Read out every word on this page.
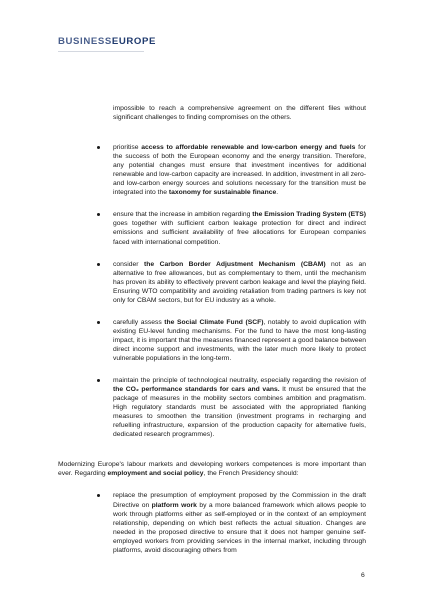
BUSINESSEUROPE

impossible to reach a comprehensive agreement on the different files without significant challenges to finding compromises on the others.

prioritise access to affordable renewable and low-carbon energy and fuels for the success of both the European economy and the energy transition. Therefore, any potential changes must ensure that investment incentives for additional renewable and low-carbon capacity are increased. In addition, investment in all zero- and low-carbon energy sources and solutions necessary for the transition must be integrated into the taxonomy for sustainable finance.
ensure that the increase in ambition regarding the Emission Trading System (ETS) goes together with sufficient carbon leakage protection for direct and indirect emissions and sufficient availability of free allocations for European companies faced with international competition.
consider the Carbon Border Adjustment Mechanism (CBAM) not as an alternative to free allowances, but as complementary to them, until the mechanism has proven its ability to effectively prevent carbon leakage and level the playing field. Ensuring WTO compatibility and avoiding retaliation from trading partners is key not only for CBAM sectors, but for EU industry as a whole.
carefully assess the Social Climate Fund (SCF), notably to avoid duplication with existing EU-level funding mechanisms. For the fund to have the most long-lasting impact, it is important that the measures financed represent a good balance between direct income support and investments, with the later much more likely to protect vulnerable populations in the long-term.
maintain the principle of technological neutrality, especially regarding the revision of the CO₂ performance standards for cars and vans. It must be ensured that the package of measures in the mobility sectors combines ambition and pragmatism. High regulatory standards must be associated with the appropriated flanking measures to smoothen the transition (investment programs in recharging and refuelling infrastructure, expansion of the production capacity for alternative fuels, dedicated research programmes).

Modernizing Europe's labour markets and developing workers competences is more important than ever. Regarding employment and social policy, the French Presidency should:

replace the presumption of employment proposed by the Commission in the draft Directive on platform work by a more balanced framework which allows people to work through platforms either as self-employed or in the context of an employment relationship, depending on which best reflects the actual situation. Changes are needed in the proposed directive to ensure that it does not hamper genuine self-employed workers from providing services in the internal market, including through platforms, avoid discouraging others from
6
